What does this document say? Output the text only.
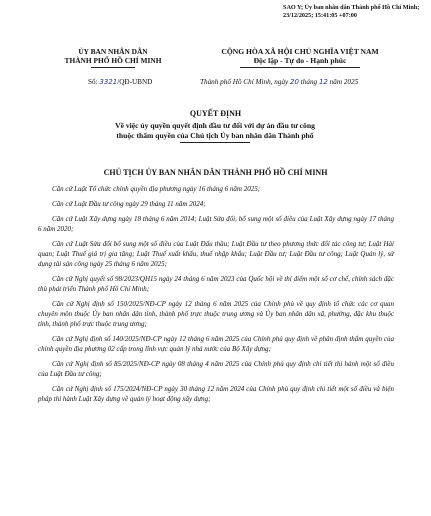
SAO Y; Ủy ban nhân dân Thành phố Hồ Chí Minh;
23/12/2025; 15:41:05 +07:00
ỦY BAN NHÂN DÂN
THÀNH PHỐ HỒ CHÍ MINH
CỘNG HÒA XÃ HỘI CHỦ NGHĨA VIỆT NAM
Độc lập - Tự do - Hạnh phúc
Số: 3321/QĐ-UBND	Thành phố Hồ Chí Minh, ngày 20 tháng 12 năm 2025
QUYẾT ĐỊNH
Về việc ủy quyền quyết định đầu tư đối với dự án đầu tư công
thuộc thẩm quyền của Chủ tịch Ủy ban nhân dân Thành phố
CHỦ TỊCH ỦY BAN NHÂN DÂN THÀNH PHỐ HỒ CHÍ MINH

Căn cứ Luật Tổ chức chính quyền địa phương ngày 16 tháng 6 năm 2025;

Căn cứ Luật Đầu tư công ngày 29 tháng 11 năm 2024;

Căn cứ Luật Xây dựng ngày 18 tháng 6 năm 2014; Luật Sửa đổi, bổ sung một số điều của Luật Xây dựng ngày 17 tháng 6 năm 2020;

Căn cứ Luật Sửa đổi bổ sung một số điều của Luật Đấu thầu; Luật Đầu tư theo phương thức đối tác công tư; Luật Hải quan; Luật Thuế giá trị gia tăng; Luật Thuế xuất khẩu, thuế nhập khẩu; Luật Đầu tư; Luật Đầu tư công; Luật Quản lý, sử dụng tài sản công ngày 25 tháng 6 năm 2025;

Căn cứ Nghị quyết số 98/2023/QH15 ngày 24 tháng 6 năm 2023 của Quốc hội về thí điểm một số cơ chế, chính sách đặc thù phát triển Thành phố Hồ Chí Minh;

Căn cứ Nghị định số 150/2025/NĐ-CP ngày 12 tháng 6 năm 2025 của Chính phủ về quy định tổ chức các cơ quan chuyên môn thuộc Ủy ban nhân dân tỉnh, thành phố trực thuộc trung ương và Ủy ban nhân dân xã, phường, đặc khu thuộc tỉnh, thành phố trực thuộc trung ương;

Căn cứ Nghị định số 140/2025/NĐ-CP ngày 12 tháng 6 năm 2025 của Chính phủ quy định về phân định thẩm quyền của chính quyền địa phương 02 cấp trong lĩnh vực quản lý nhà nước của Bộ Xây dựng;

Căn cứ Nghị định số 85/2025/NĐ-CP ngày 08 tháng 4 năm 2025 của Chính phủ quy định chi tiết thi hành một số điều của Luật Đầu tư công;

Căn cứ Nghị định số 175/2024/NĐ-CP ngày 30 tháng 12 năm 2024 của Chính phủ quy định chi tiết một số điều và biện pháp thi hành Luật Xây dựng về quản lý hoạt động xây dựng;
